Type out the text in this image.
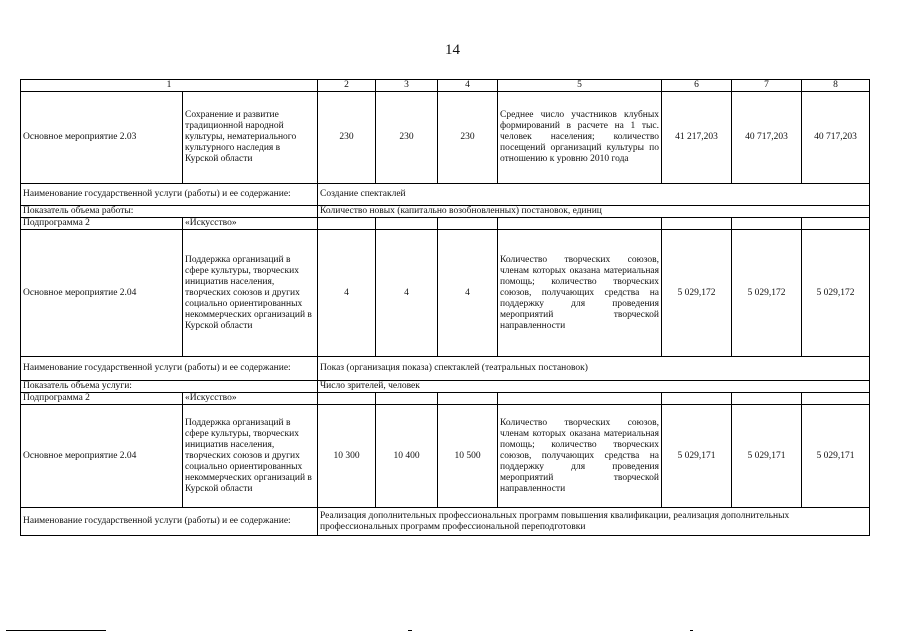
14
1		2	3	4	5	6	7	8
Основное мероприятие 2.03	Сохранение и развитие традиционной народной культуры, нематериального культурного наследия в Курской области	230	230	230	Среднее число участников клубных формирований в расчете на 1 тыс. человек населения; количество посещений организаций культуры по отношению к уровню 2010 года	41 217,203	40 717,203	40 717,203
Наименование государственной услуги (работы) и ее содержание:		Создание спектаклей						
Показатель объема работы:		Количество новых (капитально возобновленных) постановок, единиц						
Подпрограмма 2	«Искусство»							
Основное мероприятие 2.04	Поддержка организаций в сфере культуры, творческих инициатив населения, творческих союзов и других социально ориентированных некоммерческих организаций в Курской области	4	4	4	Количество творческих союзов, членам которых оказана материальная помощь; количество творческих союзов, получающих средства на поддержку для проведения мероприятий творческой направленности	5 029,172	5 029,172	5 029,172
Наименование государственной услуги (работы) и ее содержание:		Показ (организация показа) спектаклей (театральных постановок)						
Показатель объема услуги:		Число зрителей, человек						
Подпрограмма 2	«Искусство»							
Основное мероприятие 2.04	Поддержка организаций в сфере культуры, творческих инициатив населения, творческих союзов и других социально ориентированных некоммерческих организаций в Курской области	10 300	10 400	10 500	Количество творческих союзов, членам которых оказана материальная помощь; количество творческих союзов, получающих средства на поддержку для проведения мероприятий творческой направленности	5 029,171	5 029,171	5 029,171
Наименование государственной услуги (работы) и ее содержание:		Реализация дополнительных профессиональных программ повышения квалификации, реализация дополнительных профессиональных программ профессиональной переподготовки						
